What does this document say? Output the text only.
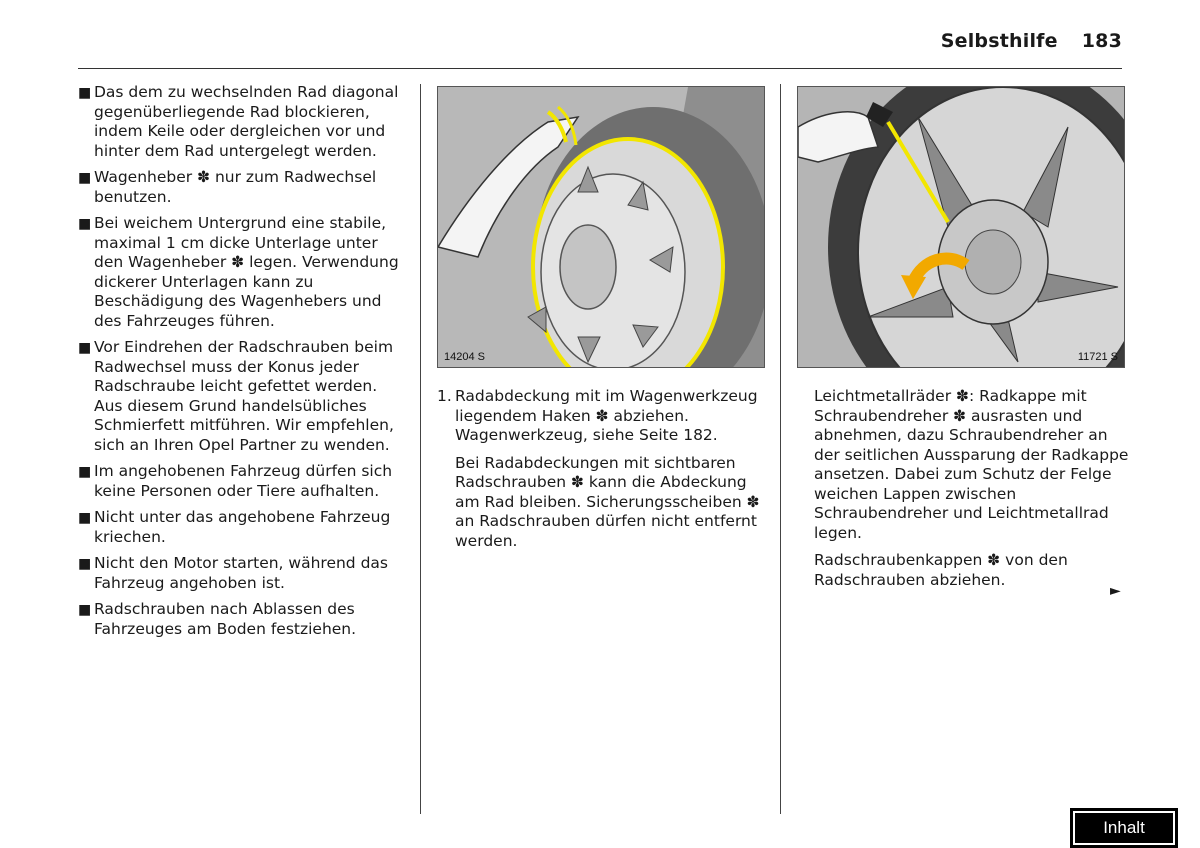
Selbsthilfe 183
■ Das dem zu wechselnden Rad diagonal gegenüberliegende Rad blockieren, indem Keile oder dergleichen vor und hinter dem Rad untergelegt werden.
■ Wagenheber ✽ nur zum Radwechsel benutzen.
■ Bei weichem Untergrund eine stabile, maximal 1 cm dicke Unterlage unter den Wagenheber ✽ legen. Verwendung dickerer Unterlagen kann zu Beschädigung des Wagenhebers und des Fahrzeuges führen.
■ Vor Eindrehen der Radschrauben beim Radwechsel muss der Konus jeder Radschraube leicht gefettet werden. Aus diesem Grund handelsübliches Schmierfett mitführen. Wir empfehlen, sich an Ihren Opel Partner zu wenden.
■ Im angehobenen Fahrzeug dürfen sich keine Personen oder Tiere aufhalten.
■ Nicht unter das angehobene Fahrzeug kriechen.
■ Nicht den Motor starten, während das Fahrzeug angehoben ist.
■ Radschrauben nach Ablassen des Fahrzeuges am Boden festziehen.
14204 S	11721 S
1. Radabdeckung mit im Wagenwerkzeug liegendem Haken ✽ abziehen. Wagenwerkzeug, siehe Seite 182.
Bei Radabdeckungen mit sichtbaren Radschrauben ✽ kann die Abdeckung am Rad bleiben. Sicherungsscheiben ✽ an Radschrauben dürfen nicht entfernt werden.

Leichtmetallräder ✽: Radkappe mit Schraubendreher ✽ ausrasten und abnehmen, dazu Schraubendreher an der seitlichen Aussparung der Radkappe ansetzen. Dabei zum Schutz der Felge weichen Lappen zwischen Schraubendreher und Leichtmetallrad legen.

Radschraubenkappen ✽ von den Radschrauben abziehen.

►
Inhalt
